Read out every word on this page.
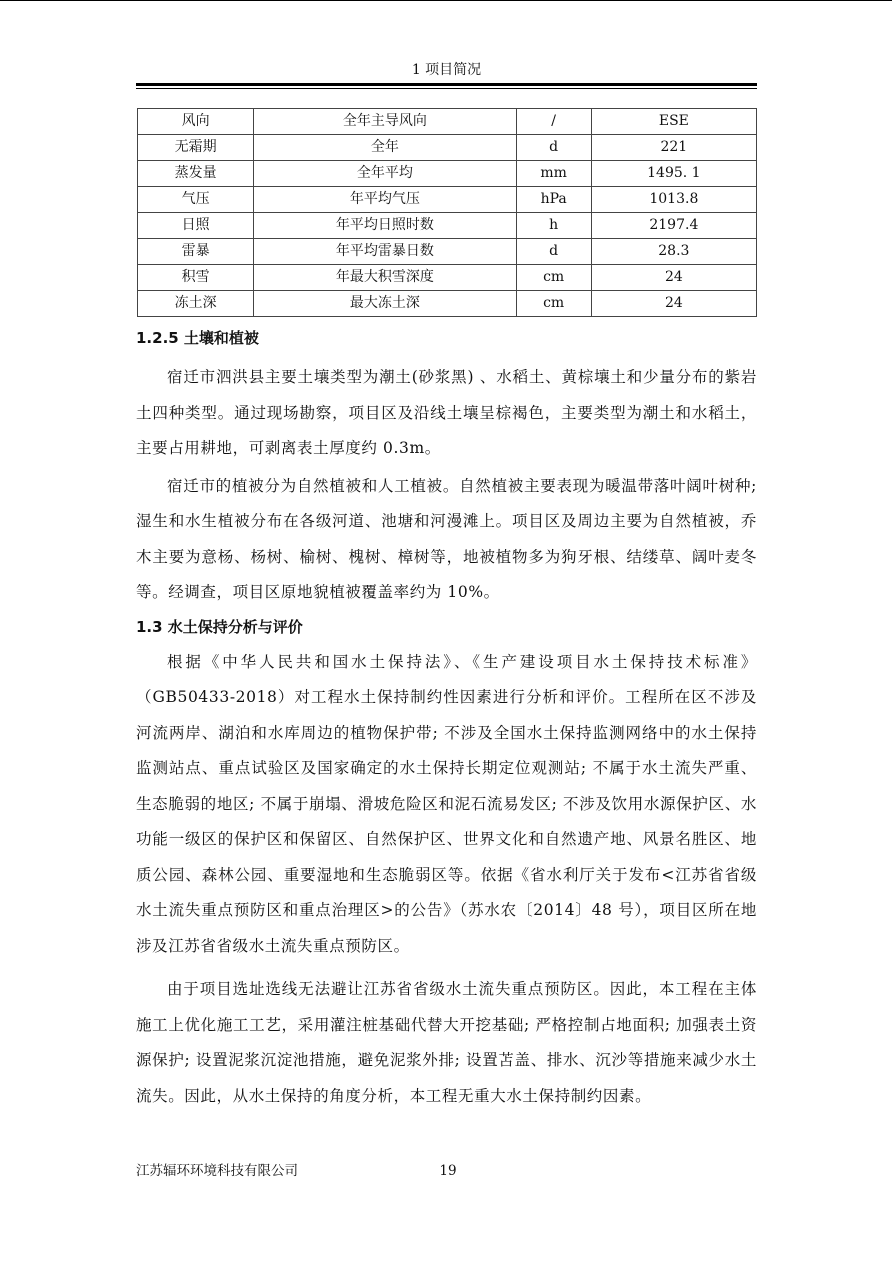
1 项目简况
风向	全年主导风向	/	ESE
无霜期	全年	d	221
蒸发量	全年平均	mm	1495. 1
气压	年平均气压	hPa	1013.8
日照	年平均日照时数	h	2197.4
雷暴	年平均雷暴日数	d	28.3
积雪	年最大积雪深度	cm	24
冻土深	最大冻土深	cm	24
1.2.5 土壤和植被

宿迁市泗洪县主要土壤类型为潮土(砂浆黑) 、水稻土、黄棕壤土和少量分布的紫岩土四种类型。通过现场勘察，项目区及沿线土壤呈棕褐色，主要类型为潮土和水稻土，主要占用耕地，可剥离表土厚度约 0.3m。

宿迁市的植被分为自然植被和人工植被。自然植被主要表现为暖温带落叶阔叶树种; 湿生和水生植被分布在各级河道、池塘和河漫滩上。项目区及周边主要为自然植被，乔木主要为意杨、杨树、榆树、槐树、樟树等，地被植物多为狗牙根、结缕草、阔叶麦冬等。经调查，项目区原地貌植被覆盖率约为 10%。

1.3 水土保持分析与评价

根据《中华人民共和国水土保持法》、《生产建设项目水土保持技术标准》（GB50433-2018）对工程水土保持制约性因素进行分析和评价。工程所在区不涉及河流两岸、湖泊和水库周边的植物保护带; 不涉及全国水土保持监测网络中的水土保持监测站点、重点试验区及国家确定的水土保持长期定位观测站; 不属于水土流失严重、生态脆弱的地区; 不属于崩塌、滑坡危险区和泥石流易发区; 不涉及饮用水源保护区、水功能一级区的保护区和保留区、自然保护区、世界文化和自然遗产地、风景名胜区、地质公园、森林公园、重要湿地和生态脆弱区等。依据《省水利厅关于发布<江苏省省级水土流失重点预防区和重点治理区>的公告》（苏水农〔2014〕48 号），项目区所在地涉及江苏省省级水土流失重点预防区。

由于项目选址选线无法避让江苏省省级水土流失重点预防区。因此，本工程在主体施工上优化施工工艺，采用灌注桩基础代替大开挖基础; 严格控制占地面积; 加强表土资源保护; 设置泥浆沉淀池措施，避免泥浆外排; 设置苫盖、排水、沉沙等措施来减少水土流失。因此，从水土保持的角度分析，本工程无重大水土保持制约因素。

江苏辐环环境科技有限公司	19
